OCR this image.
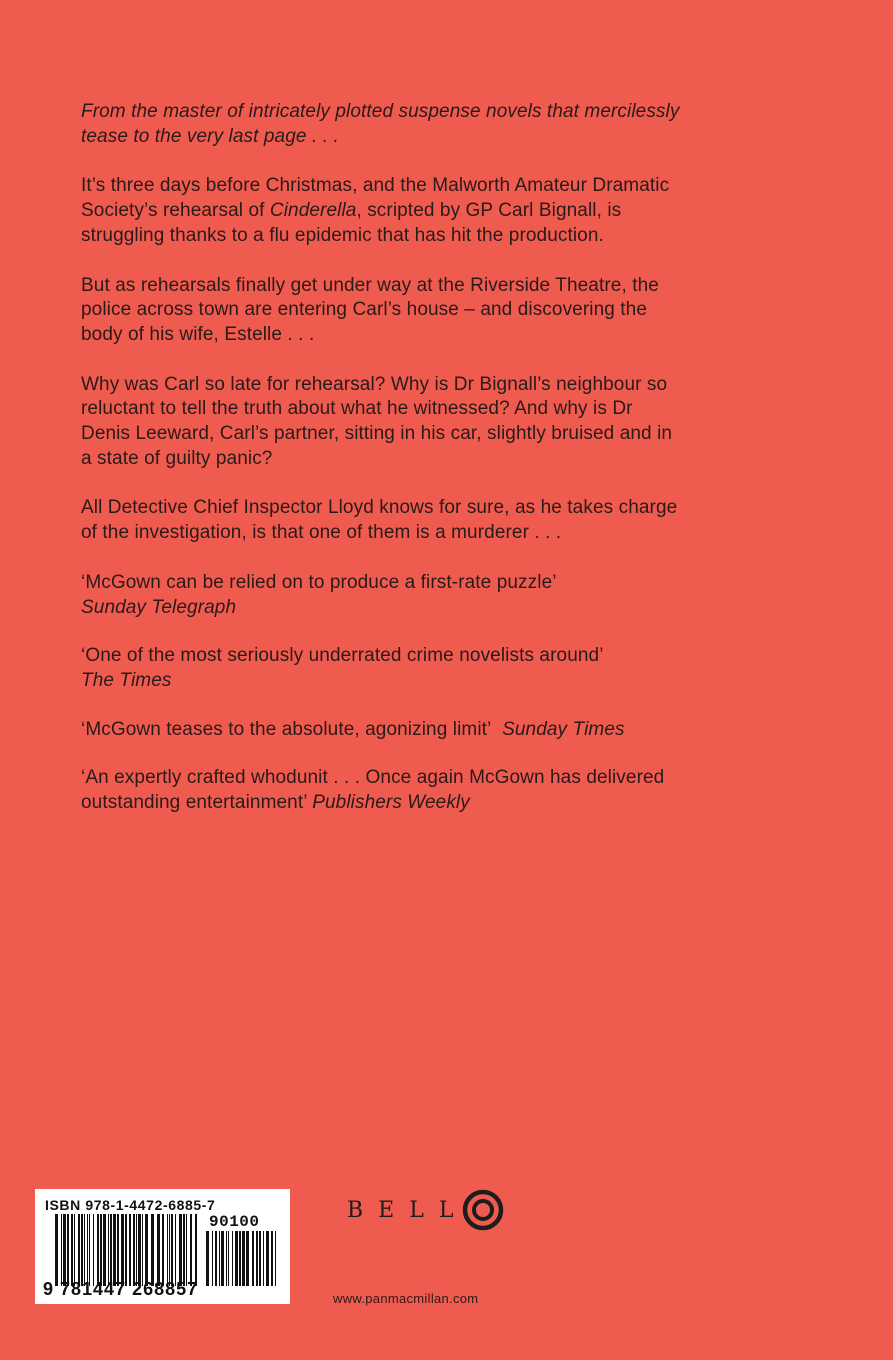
From the master of intricately plotted suspense novels that mercilessly tease to the very last page . . .

It’s three days before Christmas, and the Malworth Amateur Dramatic Society’s rehearsal of Cinderella, scripted by GP Carl Bignall, is struggling thanks to a flu epidemic that has hit the production.

But as rehearsals finally get under way at the Riverside Theatre, the police across town are entering Carl’s house – and discovering the body of his wife, Estelle . . .

Why was Carl so late for rehearsal? Why is Dr Bignall’s neighbour so reluctant to tell the truth about what he witnessed? And why is Dr Denis Leeward, Carl’s partner, sitting in his car, slightly bruised and in a state of guilty panic?

All Detective Chief Inspector Lloyd knows for sure, as he takes charge of the investigation, is that one of them is a murderer . . .

‘McGown can be relied on to produce a first-rate puzzle’
Sunday Telegraph

‘One of the most seriously underrated crime novelists around’
The Times

‘McGown teases to the absolute, agonizing limit’ Sunday Times

‘An expertly crafted whodunit . . . Once again McGown has delivered outstanding entertainment’ Publishers Weekly

ISBN 978-1-4472-6885-7
90100
9 781447 268857
BELL
www.panmacmillan.com
